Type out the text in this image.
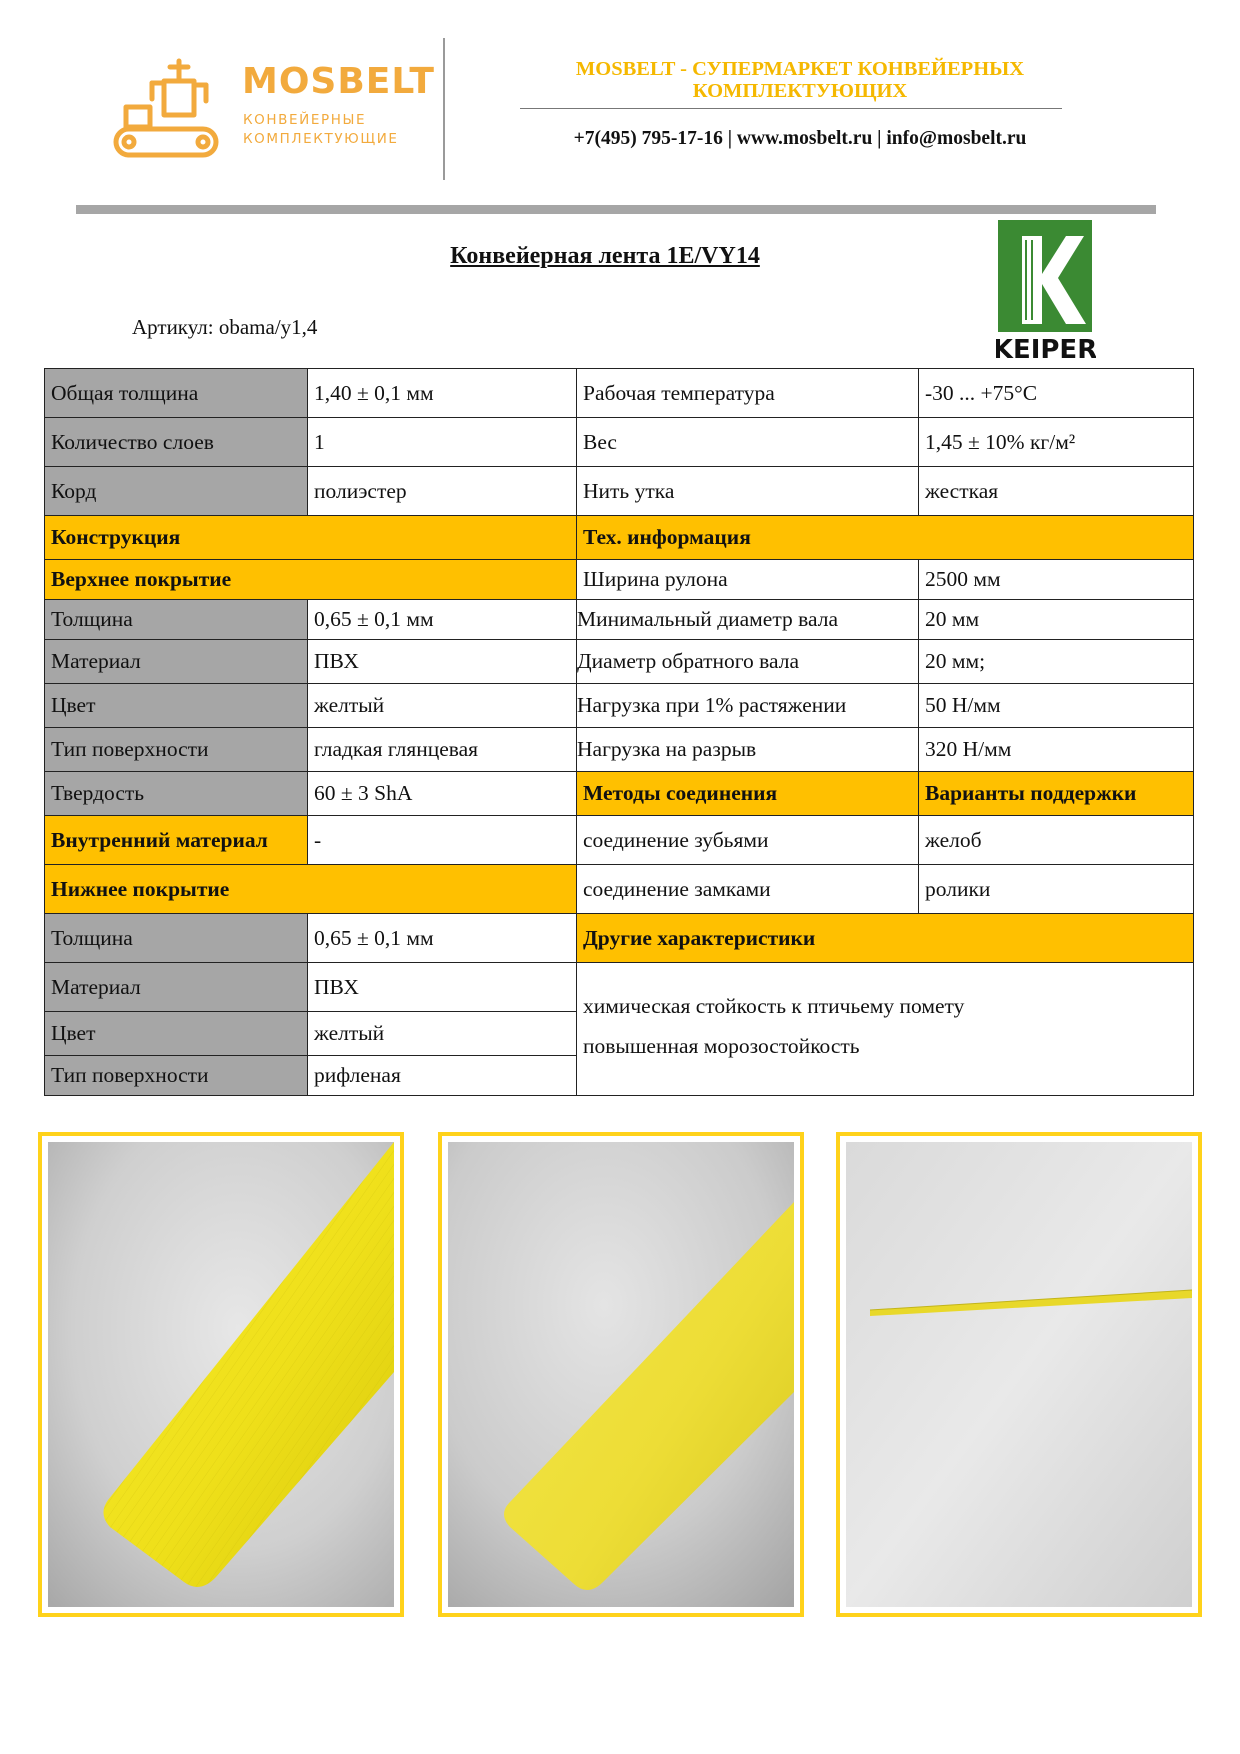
MOSBELT
КОНВЕЙЕРНЫЕ
КОМПЛЕКТУЮЩИЕ
MOSBELT - СУПЕРМАРКЕТ КОНВЕЙЕРНЫХ
КОМПЛЕКТУЮЩИХ
+7(495) 795-17-16 | www.mosbelt.ru | info@mosbelt.ru
Конвейерная лента 1E/VY14
Артикул: obama/y1,4
KEIPER
Общая толщина	1,40 ± 0,1 мм	Рабочая температура	-30 ... +75°C
Количество слоев	1	Вес	1,45 ± 10% кг/м²
Корд	полиэстер	Нить утка	жесткая
Конструкция		Тех. информация	
Верхнее покрытие		Ширина рулона	2500 мм
Толщина	0,65 ± 0,1 мм	Минимальный диаметр вала	20 мм
Материал	ПВХ	Диаметр обратного вала	20 мм;
Цвет	желтый	Нагрузка при 1% растяжении	50 Н/мм
Тип поверхности	гладкая глянцевая	Нагрузка на разрыв	320 Н/мм
Твердость	60 ± 3 ShA	Методы соединения	Варианты поддержки
Внутренний материал	-	соединение зубьями	желоб
Нижнее покрытие		соединение замками	ролики
Толщина	0,65 ± 0,1 мм	Другие характеристики	
Материал	ПВХ	химическая стойкость к птичьему помету
повышенная морозостойкость	

Цвет	желтый		
Тип поверхности	рифленая		
